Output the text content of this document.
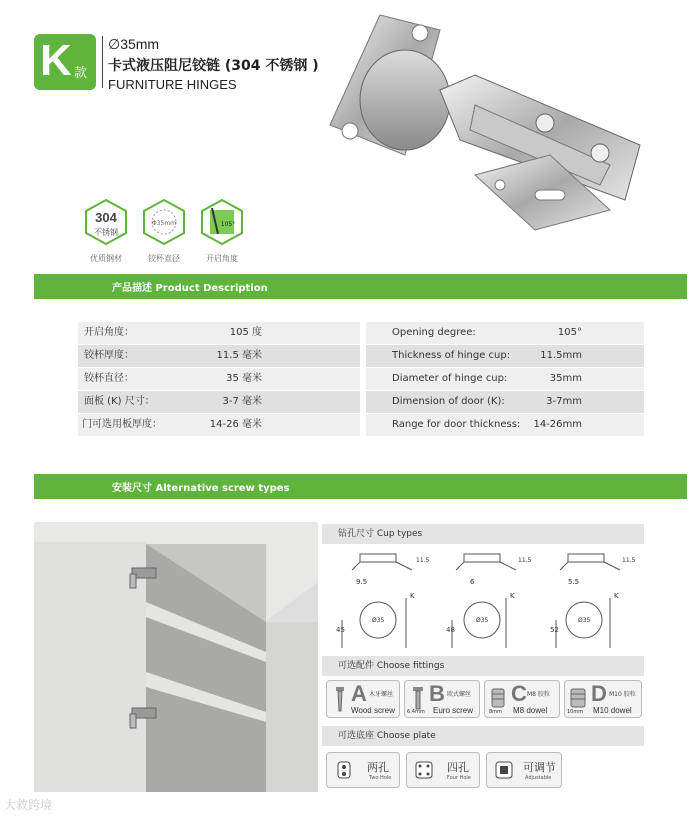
K 款
∅35mm
卡式液压阻尼铰链 (304 不锈钢 )
FURNITURE HINGES
304
不锈钢
优质钢材
Φ35mm
铰杯直径
105°
开启角度
产品描述 Product Description
开启角度：	105 度	Opening degree:	105°
铰杯厚度：	11.5 毫米	Thickness of hinge cup:	11.5mm
铰杯直径：	35 毫米	Diameter of hinge cup:	35mm
面板 (K) 尺寸：	3-7 毫米	Dimension of door (K):	3-7mm
门可选用板厚度：	14-26 毫米	Range for door thickness: 14-26mm
安装尺寸 Alternative screw types
钻孔尺寸 Cup types
9.5
11.5
Ø35
K
45
6
11.5
Ø35
K
48
5.5
11.5
Ø35
K
52
可选配件 Choose fittings
A 木牙螺丝
Wood screw
B 欧式螺丝
Euro screw
6.4mm
C M8 胶粒
M8 dowel
8mm
D M10 胶粒
M10 dowel
10mm
可选底座 Choose plate
两孔
Two Hole
四孔
Four Hole
可调节
Adjustable
大救跨境
